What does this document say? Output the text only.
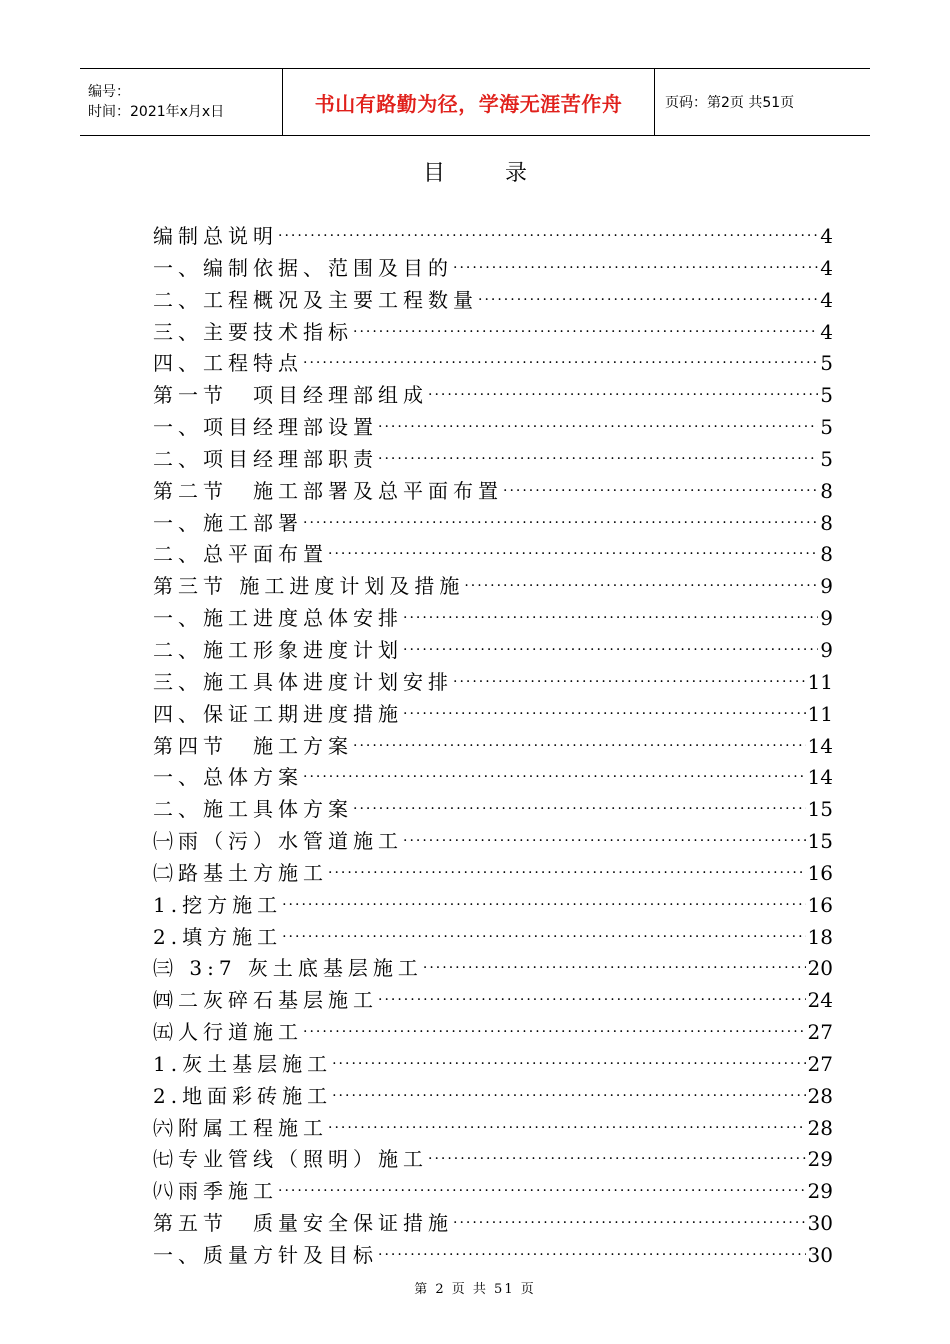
编号：
时间：2021年x月x日	书山有路勤为径，学海无涯苦作舟	页码：第2页 共51页
目录
编制总说明 ·····	4
一、编制依据、范围及目的 ·····	4
二、工程概况及主要工程数量 ·····	4
三、主要技术指标 ·····	4
四、工程特点 ·····	5
第一节　项目经理部组成 ·····	5
一、项目经理部设置 ·····	5
二、项目经理部职责 ·····	5
第二节　施工部署及总平面布置 ·····	8
一、施工部署 ·····	8
二、总平面布置 ·····	8
第三节 施工进度计划及措施 ·····	9
一、施工进度总体安排 ·····	9
二、施工形象进度计划 ·····	9
三、施工具体进度计划安排 ·····	11
四、保证工期进度措施 ·····	11
第四节　施工方案 ·····	14
一、总体方案 ·····	14
二、施工具体方案 ·····	15
㈠雨（污）水管道施工 ·····	15
㈡路基土方施工 ·····	16
1.挖方施工 ·····	16
2.填方施工 ·····	18
㈢ 3:7 灰土底基层施工 ·····	20
㈣二灰碎石基层施工 ·····	24
㈤人行道施工 ·····	27
1.灰土基层施工 ·····	27
2.地面彩砖施工 ·····	28
㈥附属工程施工 ·····	28
㈦专业管线（照明）施工 ·····	29
㈧雨季施工 ·····	29
第五节　质量安全保证措施 ·····	30
一、质量方针及目标 ·····	30
第 2 页 共 51 页
